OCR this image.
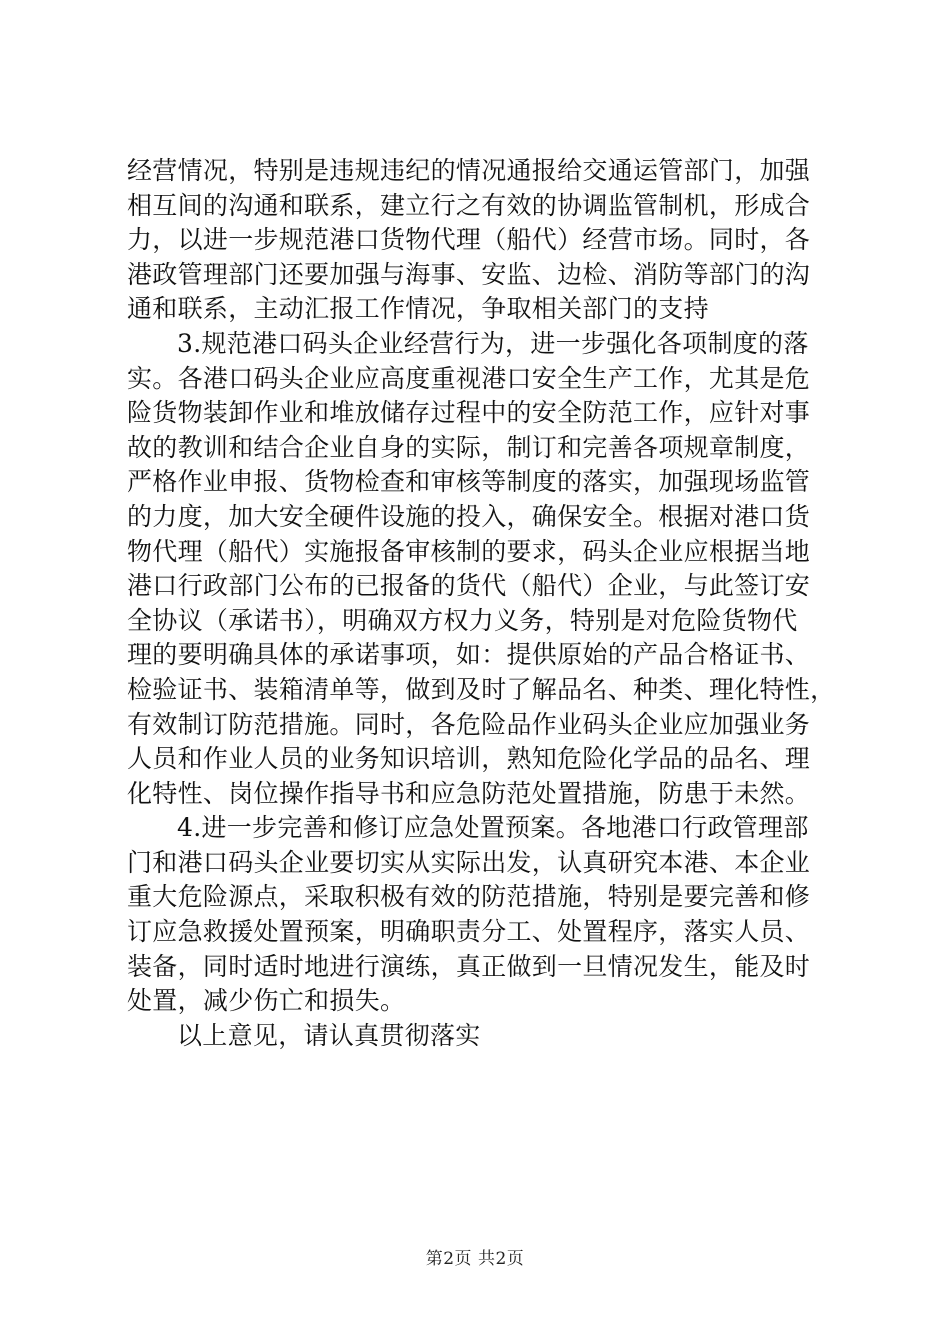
经营情况，特别是违规违纪的情况通报给交通运管部门，加强
相互间的沟通和联系，建立行之有效的协调监管制机，形成合
力，以进一步规范港口货物代理（船代）经营市场。同时，各
港政管理部门还要加强与海事、安监、边检、消防等部门的沟
通和联系，主动汇报工作情况，争取相关部门的支持
3.规范港口码头企业经营行为，进一步强化各项制度的落
实。各港口码头企业应高度重视港口安全生产工作，尤其是危
险货物装卸作业和堆放储存过程中的安全防范工作，应针对事
故的教训和结合企业自身的实际，制订和完善各项规章制度，
严格作业申报、货物检查和审核等制度的落实，加强现场监管
的力度，加大安全硬件设施的投入，确保安全。根据对港口货
物代理（船代）实施报备审核制的要求，码头企业应根据当地
港口行政部门公布的已报备的货代（船代）企业，与此签订安
全协议（承诺书），明确双方权力义务，特别是对危险货物代
理的要明确具体的承诺事项，如：提供原始的产品合格证书、
检验证书、装箱清单等，做到及时了解品名、种类、理化特性，
有效制订防范措施。同时，各危险品作业码头企业应加强业务
人员和作业人员的业务知识培训，熟知危险化学品的品名、理
化特性、岗位操作指导书和应急防范处置措施，防患于未然。
4.进一步完善和修订应急处置预案。各地港口行政管理部
门和港口码头企业要切实从实际出发，认真研究本港、本企业
重大危险源点，采取积极有效的防范措施，特别是要完善和修
订应急救援处置预案，明确职责分工、处置程序，落实人员、
装备，同时适时地进行演练，真正做到一旦情况发生，能及时
处置，减少伤亡和损失。
以上意见，请认真贯彻落实
第2页 共2页
